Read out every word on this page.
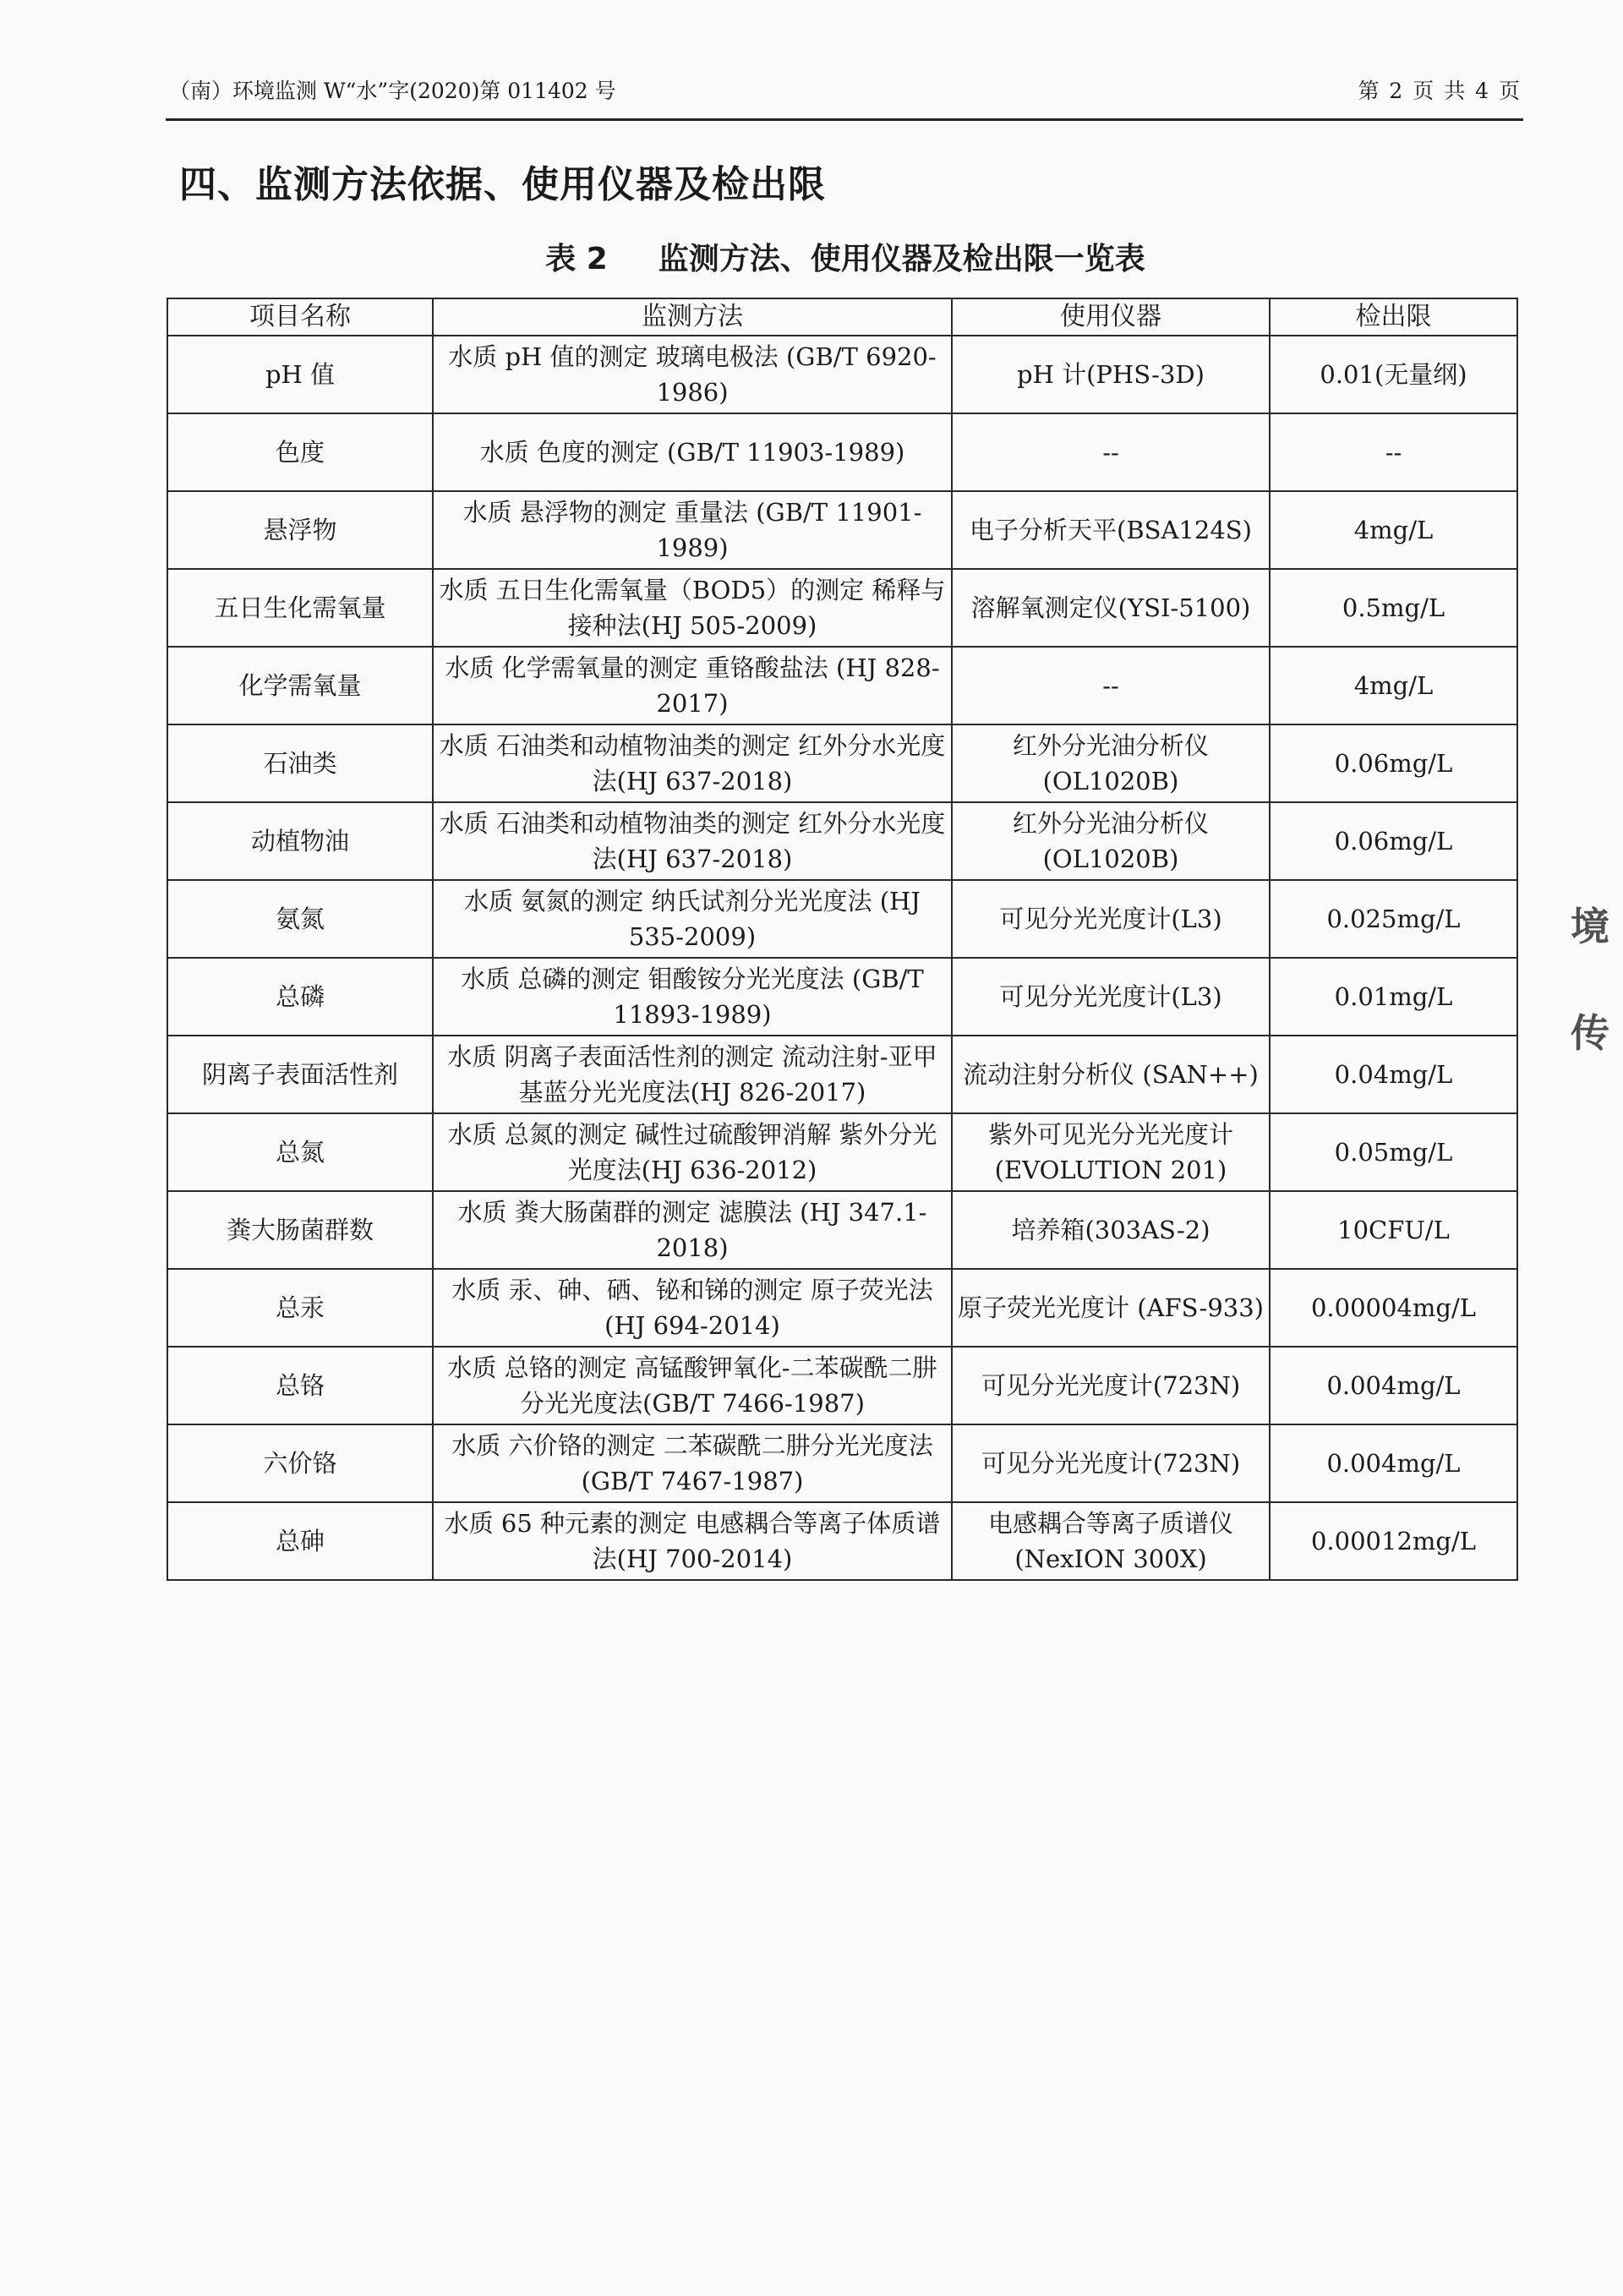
（南）环境监测 W“水”字(2020)第 011402 号	第 2 页 共 4 页
四、监测方法依据、使用仪器及检出限
表 2 监测方法、使用仪器及检出限一览表
项目名称	监测方法	使用仪器	检出限
pH 值	水质 pH 值的测定 玻璃电极法 (GB/T 6920-1986)	pH 计(PHS-3D)	0.01(无量纲)
色度	水质 色度的测定 (GB/T 11903-1989)	--	--
悬浮物	水质 悬浮物的测定 重量法 (GB/T 11901-1989)	电子分析天平(BSA124S)	4mg/L
五日生化需氧量	水质 五日生化需氧量（BOD5）的测定 稀释与接种法(HJ 505-2009)	溶解氧测定仪(YSI-5100)	0.5mg/L
化学需氧量	水质 化学需氧量的测定 重铬酸盐法 (HJ 828-2017)	--	4mg/L
石油类	水质 石油类和动植物油类的测定 红外分水光度法(HJ 637-2018)	红外分光油分析仪 (OL1020B)	0.06mg/L
动植物油	水质 石油类和动植物油类的测定 红外分水光度法(HJ 637-2018)	红外分光油分析仪 (OL1020B)	0.06mg/L
氨氮	水质 氨氮的测定 纳氏试剂分光光度法 (HJ 535-2009)	可见分光光度计(L3)	0.025mg/L
总磷	水质 总磷的测定 钼酸铵分光光度法 (GB/T 11893-1989)	可见分光光度计(L3)	0.01mg/L
阴离子表面活性剂	水质 阴离子表面活性剂的测定 流动注射-亚甲基蓝分光光度法(HJ 826-2017)	流动注射分析仪 (SAN++)	0.04mg/L
总氮	水质 总氮的测定 碱性过硫酸钾消解 紫外分光光度法(HJ 636-2012)	紫外可见光分光光度计 (EVOLUTION 201)	0.05mg/L
粪大肠菌群数	水质 粪大肠菌群的测定 滤膜法 (HJ 347.1-2018)	培养箱(303AS-2)	10CFU/L
总汞	水质 汞、砷、硒、铋和锑的测定 原子荧光法(HJ 694-2014)	原子荧光光度计 (AFS-933)	0.00004mg/L
总铬	水质 总铬的测定 高锰酸钾氧化-二苯碳酰二肼分光光度法(GB/T 7466-1987)	可见分光光度计(723N)	0.004mg/L
六价铬	水质 六价铬的测定 二苯碳酰二肼分光光度法(GB/T 7467-1987)	可见分光光度计(723N)	0.004mg/L
总砷	水质 65 种元素的测定 电感耦合等离子体质谱法(HJ 700-2014)	电感耦合等离子质谱仪 (NexION 300X)	0.00012mg/L
境
传
